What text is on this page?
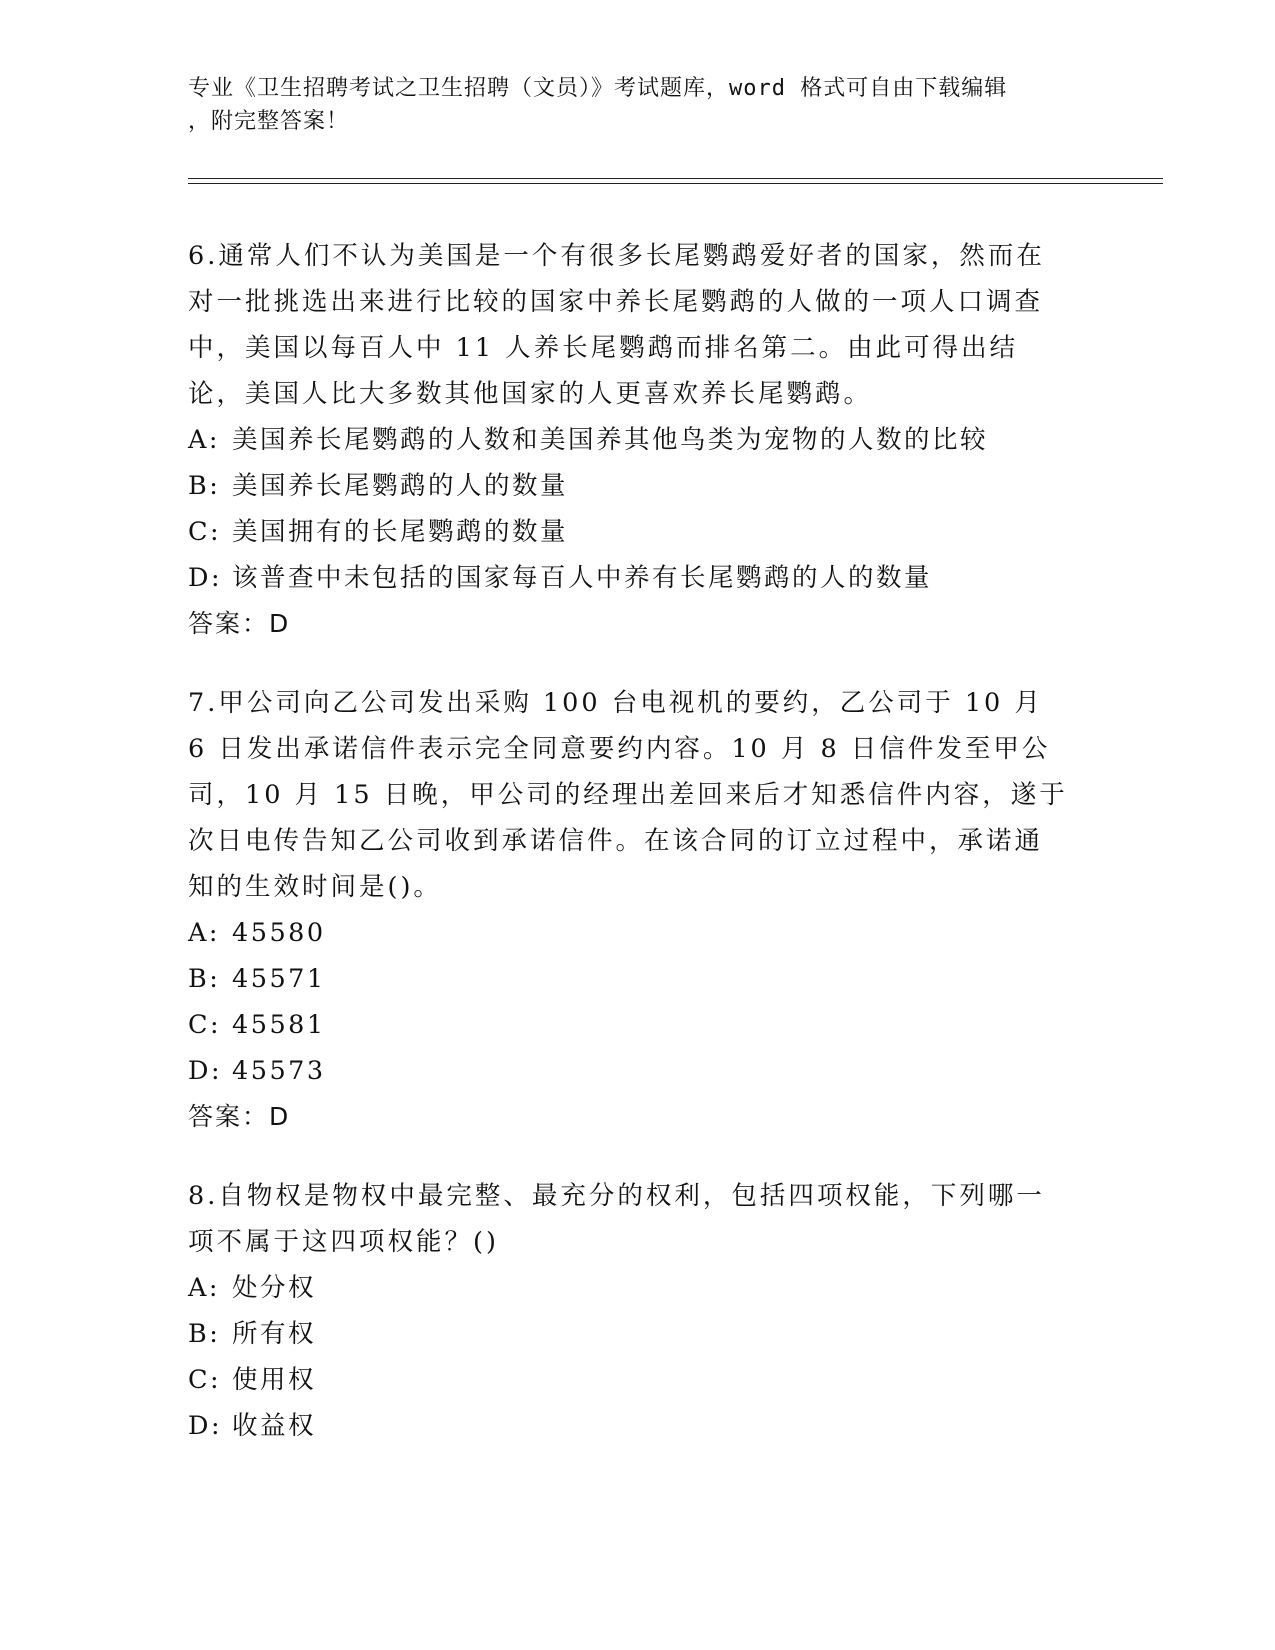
专业《卫生招聘考试之卫生招聘（文员）》考试题库，word 格式可自由下载编辑
，附完整答案！
6.通常人们不认为美国是一个有很多长尾鹦鹉爱好者的国家，然而在对一批挑选出来进行比较的国家中养长尾鹦鹉的人做的一项人口调查中，美国以每百人中 11 人养长尾鹦鹉而排名第二。由此可得出结论，美国人比大多数其他国家的人更喜欢养长尾鹦鹉。
A: 美国养长尾鹦鹉的人数和美国养其他鸟类为宠物的人数的比较
B: 美国养长尾鹦鹉的人的数量
C: 美国拥有的长尾鹦鹉的数量
D: 该普查中未包括的国家每百人中养有长尾鹦鹉的人的数量
答案：D
7.甲公司向乙公司发出采购 100 台电视机的要约，乙公司于 10 月 6 日发出承诺信件表示完全同意要约内容。10 月 8 日信件发至甲公司，10 月 15 日晚，甲公司的经理出差回来后才知悉信件内容，遂于次日电传告知乙公司收到承诺信件。在该合同的订立过程中，承诺通知的生效时间是()。
A: 45580
B: 45571
C: 45581
D: 45573
答案：D
8.自物权是物权中最完整、最充分的权利，包括四项权能，下列哪一项不属于这四项权能？()
A: 处分权
B: 所有权
C: 使用权
D: 收益权
